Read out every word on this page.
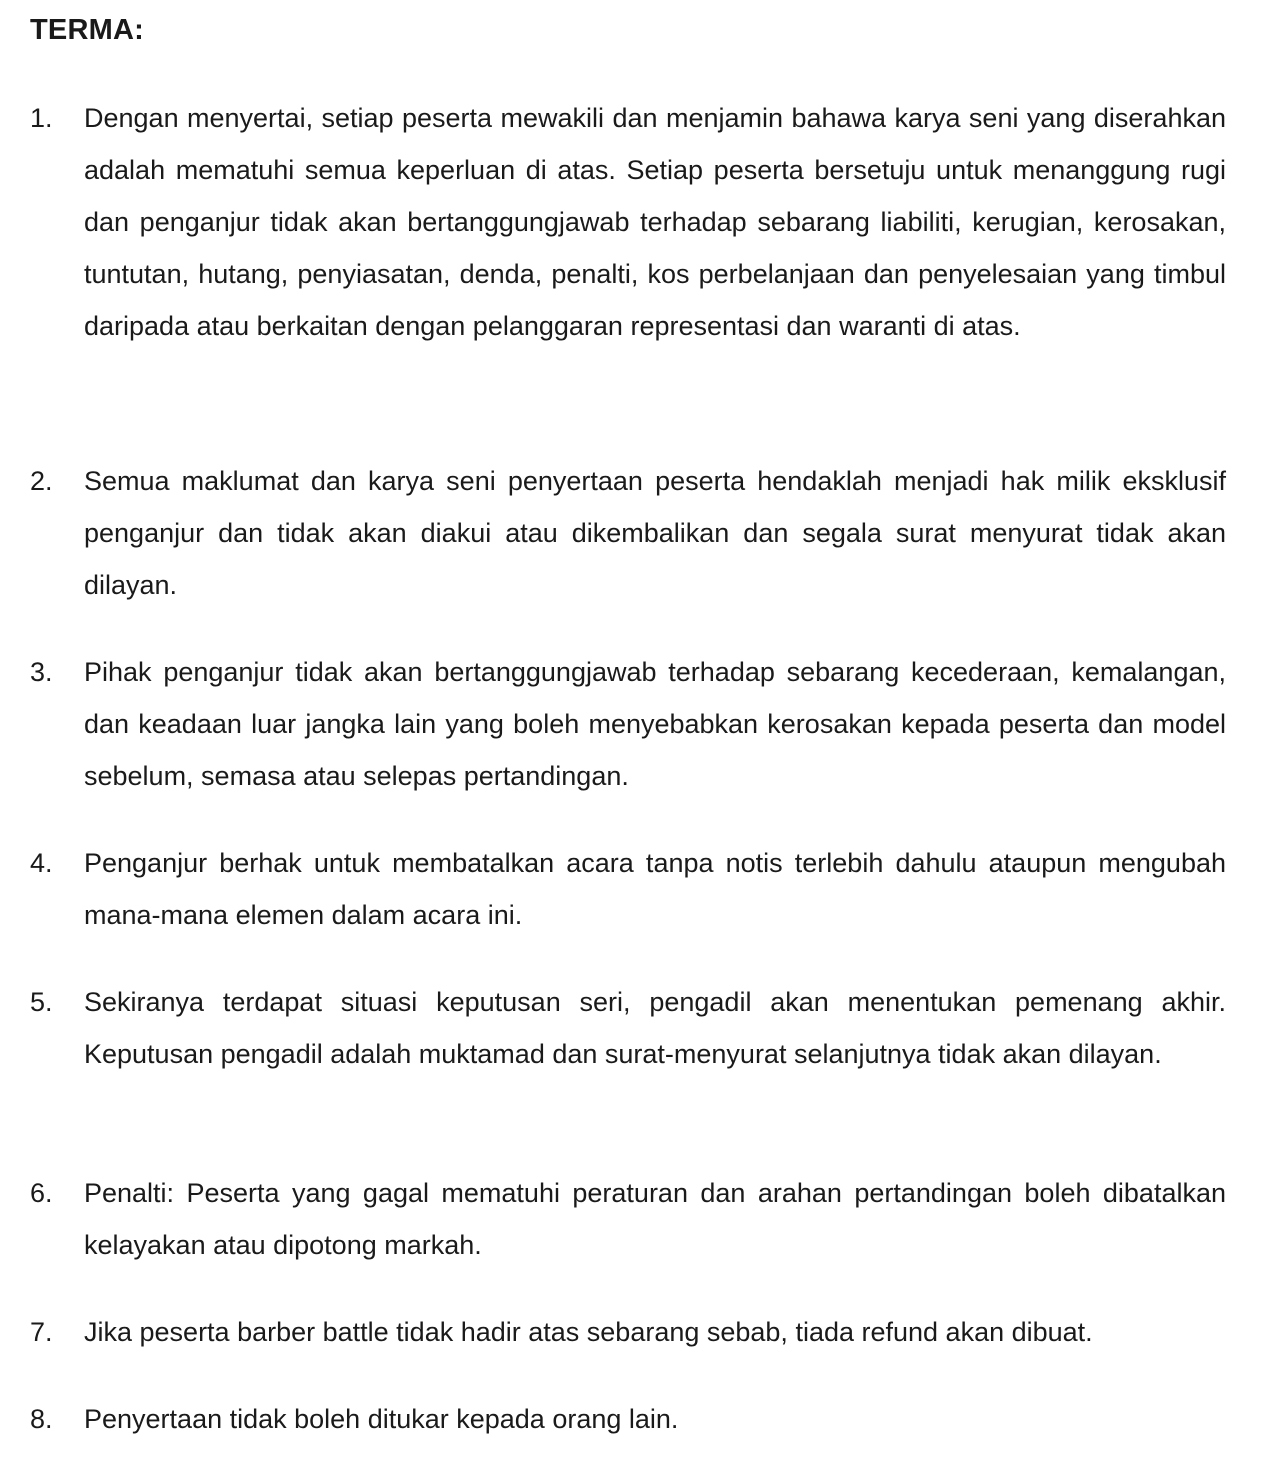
TERMA:
1.	Dengan menyertai, setiap peserta mewakili dan menjamin bahawa karya seni yang diserahkan adalah mematuhi semua keperluan di atas. Setiap peserta bersetuju untuk menanggung rugi dan penganjur tidak akan bertanggungjawab terhadap sebarang liabiliti, kerugian, kerosakan, tuntutan, hutang, penyiasatan, denda, penalti, kos perbelanjaan dan penyelesaian yang timbul daripada atau berkaitan dengan pelanggaran representasi dan waranti di atas.

2.	Semua maklumat dan karya seni penyertaan peserta hendaklah menjadi hak milik eksklusif penganjur dan tidak akan diakui atau dikembalikan dan segala surat menyurat tidak akan dilayan.

3.	Pihak penganjur tidak akan bertanggungjawab terhadap sebarang kecederaan, kemalangan, dan keadaan luar jangka lain yang boleh menyebabkan kerosakan kepada peserta dan model sebelum, semasa atau selepas pertandingan.

4.	Penganjur berhak untuk membatalkan acara tanpa notis terlebih dahulu ataupun mengubah mana-mana elemen dalam acara ini.

5.	Sekiranya terdapat situasi keputusan seri, pengadil akan menentukan pemenang akhir. Keputusan pengadil adalah muktamad dan surat-menyurat selanjutnya tidak akan dilayan.

6.	Penalti: Peserta yang gagal mematuhi peraturan dan arahan pertandingan boleh dibatalkan kelayakan atau dipotong markah.

7.	Jika peserta barber battle tidak hadir atas sebarang sebab, tiada refund akan dibuat.

8.	Penyertaan tidak boleh ditukar kepada orang lain.
